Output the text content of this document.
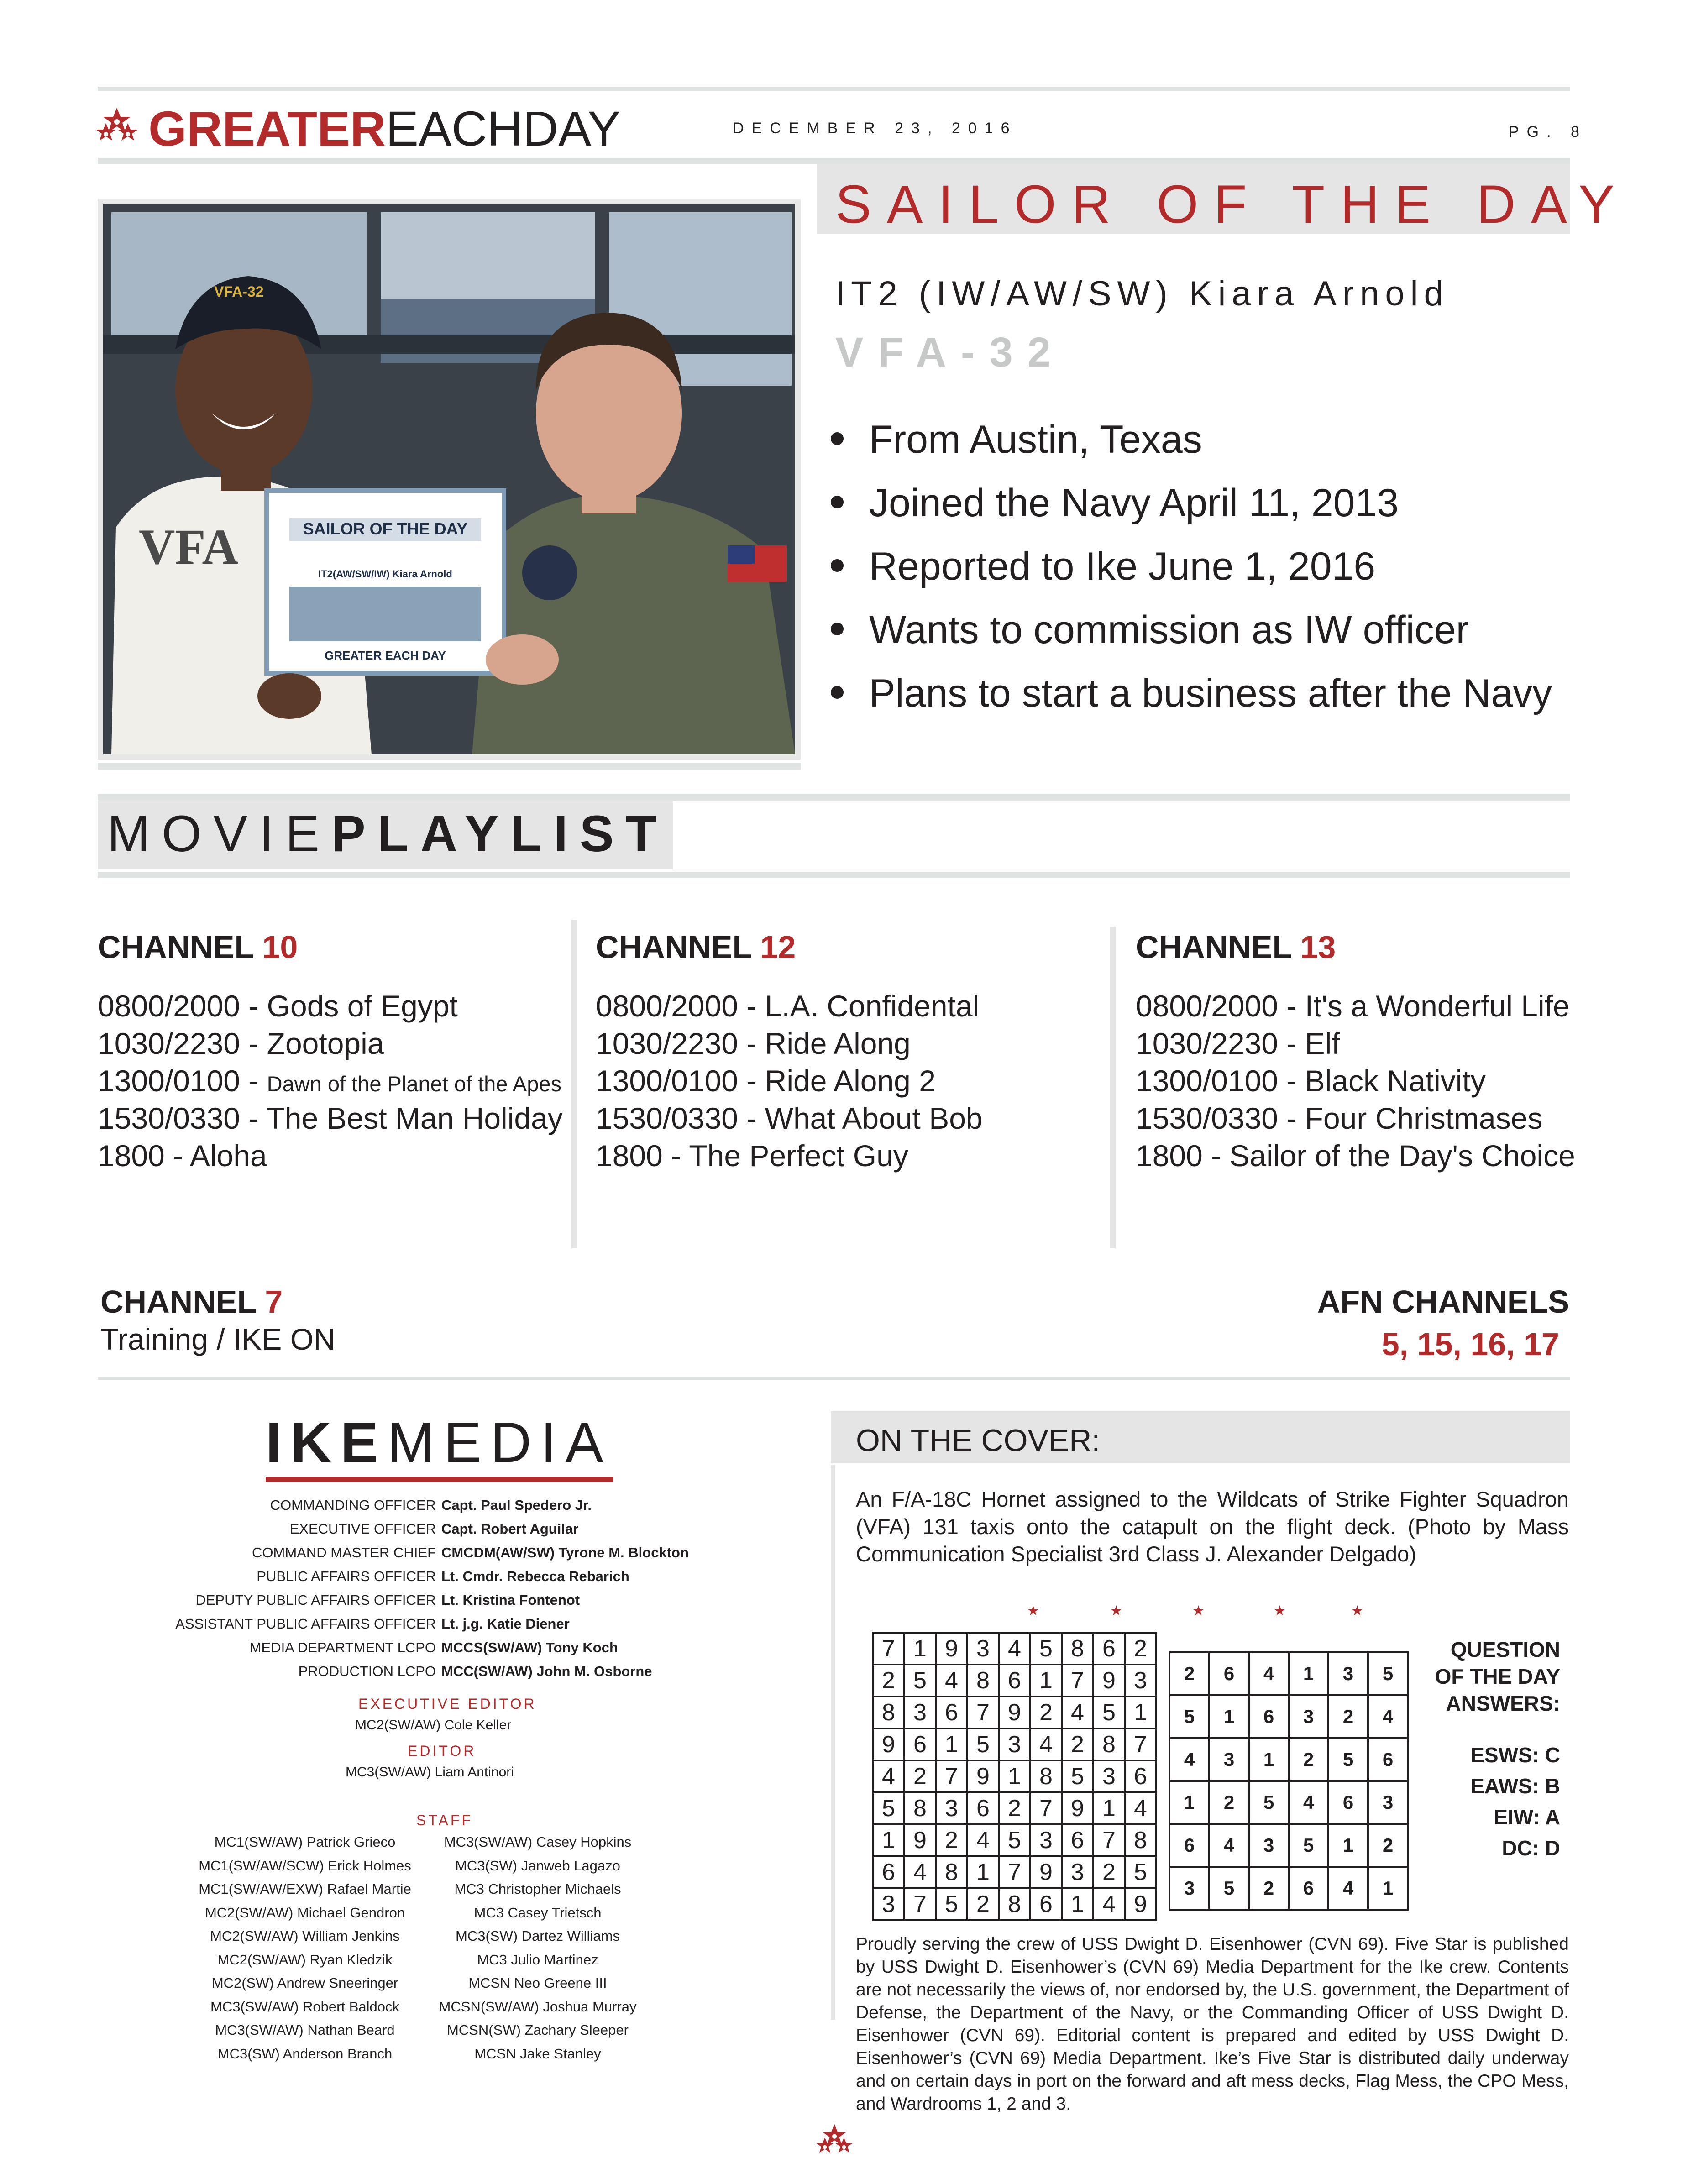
GREATEREACHDAY	DECEMBER 23, 2016	PG. 8
VFA
VFA-32
SAILOR OF THE DAY
IT2(AW/SW/IW) Kiara Arnold
GREATER EACH DAY
SAILOR OF THE DAY
IT2 (IW/AW/SW) Kiara Arnold
VFA-32
From Austin, Texas
Joined the Navy April 11, 2013
Reported to Ike June 1, 2016
Wants to commission as IW officer
Plans to start a business after the Navy
MOVIEPLAYLIST
CHANNEL 10
0800/2000 - Gods of Egypt
1030/2230 - Zootopia
1300/0100 - Dawn of the Planet of the Apes
1530/0330 - The Best Man Holiday
1800 - Aloha
CHANNEL 12
0800/2000 - L.A. Confidental
1030/2230 - Ride Along
1300/0100 - Ride Along 2
1530/0330 - What About Bob
1800 - The Perfect Guy
CHANNEL 13
0800/2000 - It's a Wonderful Life
1030/2230 - Elf
1300/0100 - Black Nativity
1530/0330 - Four Christmases
1800 - Sailor of the Day's Choice
CHANNEL 7
Training / IKE ON
AFN CHANNELS
5, 15, 16, 17
IKEMEDIA
COMMANDING OFFICER Capt. Paul Spedero Jr.
EXECUTIVE OFFICER Capt. Robert Aguilar
COMMAND MASTER CHIEF CMCDM(AW/SW) Tyrone M. Blockton
PUBLIC AFFAIRS OFFICER Lt. Cmdr. Rebecca Rebarich
DEPUTY PUBLIC AFFAIRS OFFICER Lt. Kristina Fontenot
ASSISTANT PUBLIC AFFAIRS OFFICER Lt. j.g. Katie Diener
MEDIA DEPARTMENT LCPO MCCS(SW/AW) Tony Koch
PRODUCTION LCPO MCC(SW/AW) John M. Osborne
EXECUTIVE EDITOR
MC2(SW/AW) Cole Keller
EDITOR
MC3(SW/AW) Liam Antinori
STAFF
MC1(SW/AW) Patrick Grieco
MC1(SW/AW/SCW) Erick Holmes
MC1(SW/AW/EXW) Rafael Martie
MC2(SW/AW) Michael Gendron
MC2(SW/AW) William Jenkins
MC2(SW/AW) Ryan Kledzik
MC2(SW) Andrew Sneeringer
MC3(SW/AW) Robert Baldock
MC3(SW/AW) Nathan Beard
MC3(SW) Anderson Branch
MC3(SW/AW) Casey Hopkins
MC3(SW) Janweb Lagazo
MC3 Christopher Michaels
MC3 Casey Trietsch
MC3(SW) Dartez Williams
MC3 Julio Martinez
MCSN Neo Greene III
MCSN(SW/AW) Joshua Murray
MCSN(SW) Zachary Sleeper
MCSN Jake Stanley
ON THE COVER:
An F/A-18C Hornet assigned to the Wildcats of Strike Fighter Squadron (VFA) 131 taxis onto the catapult on the flight deck. (Photo by Mass Communication Specialist 3rd Class J. Alexander Delgado)
★	★	★	★	★
7	1	9	3	4	5	8	6	2
2	5	4	8	6	1	7	9	3
8	3	6	7	9	2	4	5	1
9	6	1	5	3	4	2	8	7
4	2	7	9	1	8	5	3	6
5	8	3	6	2	7	9	1	4
1	9	2	4	5	3	6	7	8
6	4	8	1	7	9	3	2	5
3	7	5	2	8	6	1	4	9
2	6	4	1	3	5
5	1	6	3	2	4
4	3	1	2	5	6
1	2	5	4	6	3
6	4	3	5	1	2
3	5	2	6	4	1
QUESTION OF THE DAY ANSWERS:
ESWS: C
EAWS: B
EIW: A
DC: D
Proudly serving the crew of USS Dwight D. Eisenhower (CVN 69). Five Star is published by USS Dwight D. Eisenhower’s (CVN 69) Media Department for the Ike crew. Contents are not necessarily the views of, nor endorsed by, the U.S. government, the Department of Defense, the Department of the Navy, or the Commanding Officer of USS Dwight D. Eisenhower (CVN 69). Editorial content is prepared and edited by USS Dwight D. Eisenhower’s (CVN 69) Media Department. Ike’s Five Star is distributed daily underway and on certain days in port on the forward and aft mess decks, Flag Mess, the CPO Mess, and Wardrooms 1, 2 and 3.
